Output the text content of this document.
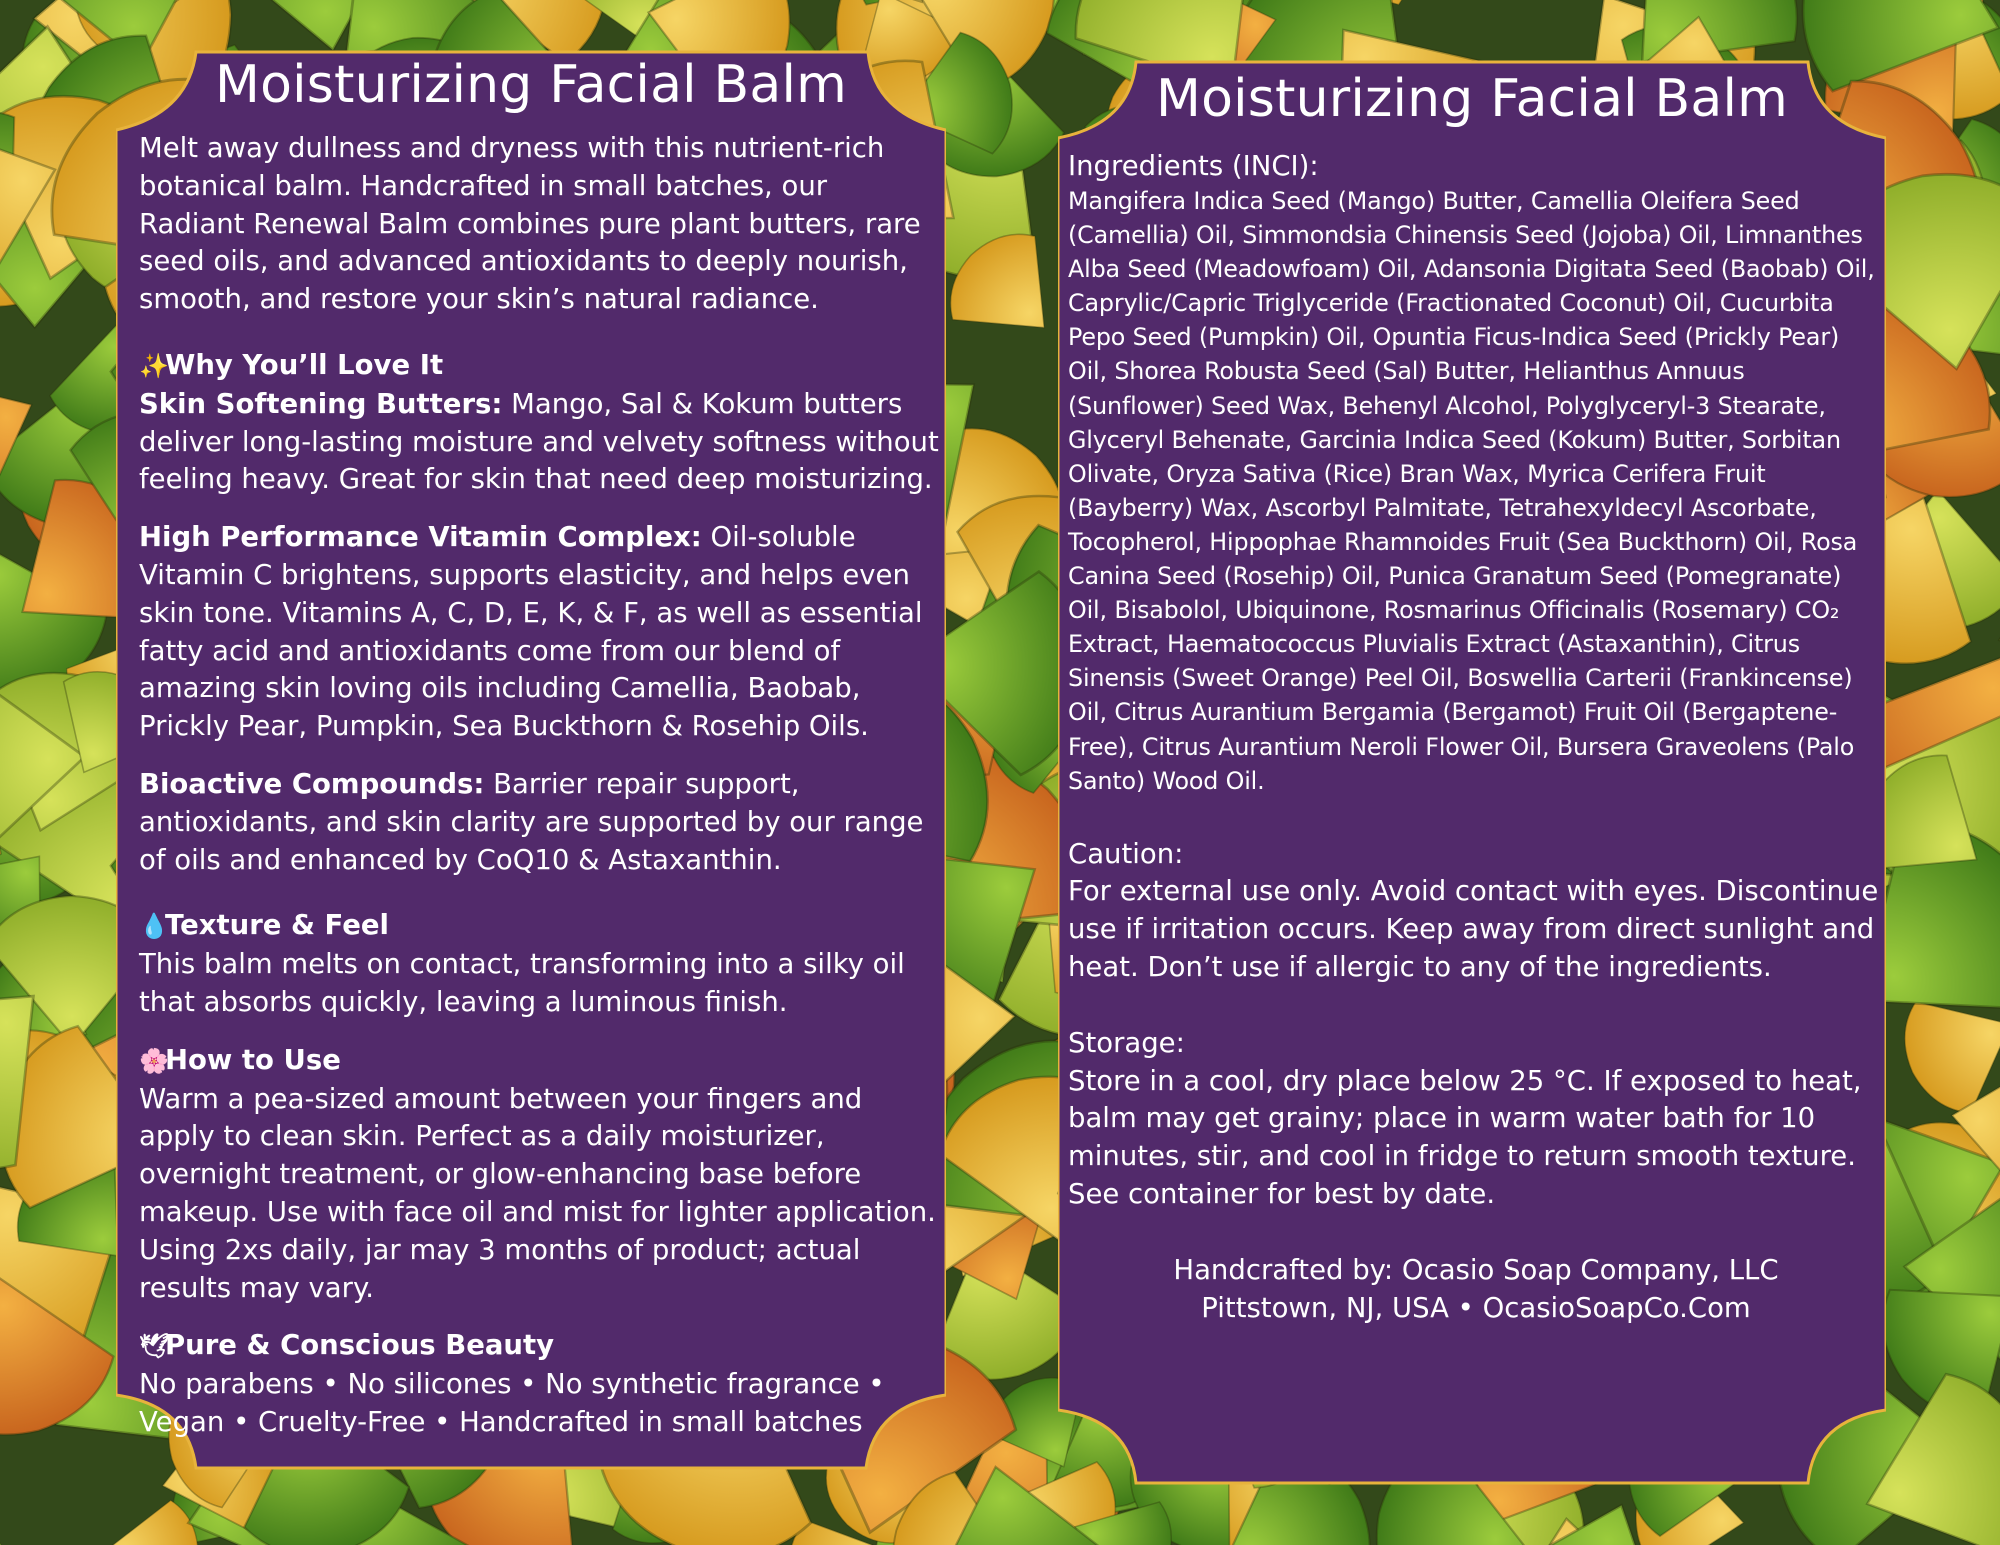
Moisturizing Facial Balm

Melt away dullness and dryness with this nutrient-rich botanical balm. Handcrafted in small batches, our Radiant Renewal Balm combines pure plant butters, rare seed oils, and advanced antioxidants to deeply nourish, smooth, and restore your skin’s natural radiance.

✨Why You’ll Love It

Skin Softening Butters: Mango, Sal & Kokum butters deliver long-lasting moisture and velvety softness without feeling heavy. Great for skin that need deep moisturizing.

High Performance Vitamin Complex: Oil-soluble Vitamin C brightens, supports elasticity, and helps even skin tone. Vitamins A, C, D, E, K, & F, as well as essential fatty acid and antioxidants come from our blend of amazing skin loving oils including Camellia, Baobab, Prickly Pear, Pumpkin, Sea Buckthorn & Rosehip Oils.

Bioactive Compounds: Barrier repair support, antioxidants, and skin clarity are supported by our range of oils and enhanced by CoQ10 & Astaxanthin.

💧Texture & Feel

This balm melts on contact, transforming into a silky oil that absorbs quickly, leaving a luminous finish.

🌸How to Use

Warm a pea-sized amount between your fingers and apply to clean skin. Perfect as a daily moisturizer, overnight treatment, or glow-enhancing base before makeup. Use with face oil and mist for lighter application. Using 2xs daily, jar may 3 months of product; actual results may vary.

🕊Pure & Conscious Beauty

No parabens • No silicones • No synthetic fragrance •

Vegan • Cruelty-Free • Handcrafted in small batches

Moisturizing Facial Balm

Ingredients (INCI):

Mangifera Indica Seed (Mango) Butter, Camellia Oleifera Seed (Camellia) Oil, Simmondsia Chinensis Seed (Jojoba) Oil, Limnanthes Alba Seed (Meadowfoam) Oil, Adansonia Digitata Seed (Baobab) Oil, Caprylic/Capric Triglyceride (Fractionated Coconut) Oil, Cucurbita Pepo Seed (Pumpkin) Oil, Opuntia Ficus-Indica Seed (Prickly Pear) Oil, Shorea Robusta Seed (Sal) Butter, Helianthus Annuus (Sunflower) Seed Wax, Behenyl Alcohol, Polyglyceryl-3 Stearate, Glyceryl Behenate, Garcinia Indica Seed (Kokum) Butter, Sorbitan Olivate, Oryza Sativa (Rice) Bran Wax, Myrica Cerifera Fruit (Bayberry) Wax, Ascorbyl Palmitate, Tetrahexyldecyl Ascorbate, Tocopherol, Hippophae Rhamnoides Fruit (Sea Buckthorn) Oil, Rosa Canina Seed (Rosehip) Oil, Punica Granatum Seed (Pomegranate) Oil, Bisabolol, Ubiquinone, Rosmarinus Officinalis (Rosemary) CO₂ Extract, Haematococcus Pluvialis Extract (Astaxanthin), Citrus Sinensis (Sweet Orange) Peel Oil, Boswellia Carterii (Frankincense) Oil, Citrus Aurantium Bergamia (Bergamot) Fruit Oil (Bergaptene-Free), Citrus Aurantium Neroli Flower Oil, Bursera Graveolens (Palo Santo) Wood Oil.

Caution:

For external use only. Avoid contact with eyes. Discontinue use if irritation occurs. Keep away from direct sunlight and heat. Don’t use if allergic to any of the ingredients.

Storage:

Store in a cool, dry place below 25 °C. If exposed to heat, balm may get grainy; place in warm water bath for 10 minutes, stir, and cool in fridge to return smooth texture. See container for best by date.

Handcrafted by: Ocasio Soap Company, LLC

Pittstown, NJ, USA • OcasioSoapCo.Com
